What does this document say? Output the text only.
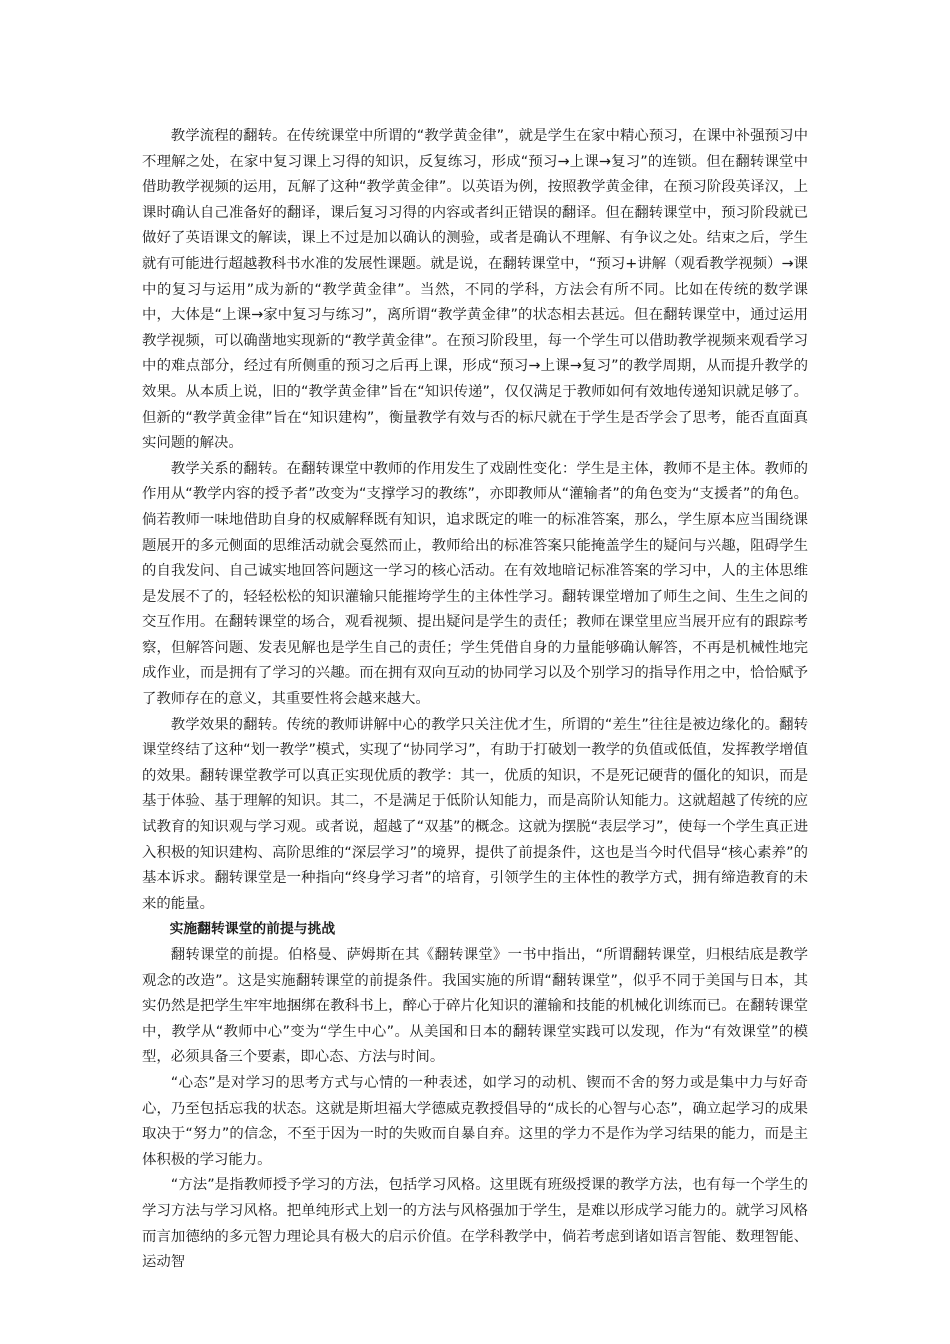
教学流程的翻转。在传统课堂中所谓的“教学黄金律”，就是学生在家中精心预习，在课中补强预习中不理解之处，在家中复习课上习得的知识，反复练习，形成“预习→上课→复习”的连锁。但在翻转课堂中借助教学视频的运用，瓦解了这种“教学黄金律”。以英语为例，按照教学黄金律，在预习阶段英译汉，上课时确认自己准备好的翻译，课后复习习得的内容或者纠正错误的翻译。但在翻转课堂中，预习阶段就已做好了英语课文的解读，课上不过是加以确认的测验，或者是确认不理解、有争议之处。结束之后，学生就有可能进行超越教科书水准的发展性课题。就是说，在翻转课堂中，“预习+讲解（观看教学视频）→课中的复习与运用”成为新的“教学黄金律”。当然，不同的学科，方法会有所不同。比如在传统的数学课中，大体是“上课→家中复习与练习”，离所谓“教学黄金律”的状态相去甚远。但在翻转课堂中，通过运用教学视频，可以确凿地实现新的“教学黄金律”。在预习阶段里，每一个学生可以借助教学视频来观看学习中的难点部分，经过有所侧重的预习之后再上课，形成“预习→上课→复习”的教学周期，从而提升教学的效果。从本质上说，旧的“教学黄金律”旨在“知识传递”，仅仅满足于教师如何有效地传递知识就足够了。但新的“教学黄金律”旨在“知识建构”，衡量教学有效与否的标尺就在于学生是否学会了思考，能否直面真实问题的解决。

教学关系的翻转。在翻转课堂中教师的作用发生了戏剧性变化：学生是主体，教师不是主体。教师的作用从“教学内容的授予者”改变为“支撑学习的教练”，亦即教师从“灌输者”的角色变为“支援者”的角色。倘若教师一味地借助自身的权威解释既有知识，追求既定的唯一的标准答案，那么，学生原本应当围绕课题展开的多元侧面的思维活动就会戛然而止，教师给出的标准答案只能掩盖学生的疑问与兴趣，阻碍学生的自我发问、自己诚实地回答问题这一学习的核心活动。在有效地暗记标准答案的学习中，人的主体思维是发展不了的，轻轻松松的知识灌输只能摧垮学生的主体性学习。翻转课堂增加了师生之间、生生之间的交互作用。在翻转课堂的场合，观看视频、提出疑问是学生的责任；教师在课堂里应当展开应有的跟踪考察，但解答问题、发表见解也是学生自己的责任；学生凭借自身的力量能够确认解答，不再是机械性地完成作业，而是拥有了学习的兴趣。而在拥有双向互动的协同学习以及个别学习的指导作用之中，恰恰赋予了教师存在的意义，其重要性将会越来越大。

教学效果的翻转。传统的教师讲解中心的教学只关注优才生，所谓的“差生”往往是被边缘化的。翻转课堂终结了这种“划一教学”模式，实现了“协同学习”，有助于打破划一教学的负值或低值，发挥教学增值的效果。翻转课堂教学可以真正实现优质的教学：其一，优质的知识，不是死记硬背的僵化的知识，而是基于体验、基于理解的知识。其二，不是满足于低阶认知能力，而是高阶认知能力。这就超越了传统的应试教育的知识观与学习观。或者说，超越了“双基”的概念。这就为摆脱“表层学习”，使每一个学生真正进入积极的知识建构、高阶思维的“深层学习”的境界，提供了前提条件，这也是当今时代倡导“核心素养”的基本诉求。翻转课堂是一种指向“终身学习者”的培育，引领学生的主体性的教学方式，拥有缔造教育的未来的能量。

实施翻转课堂的前提与挑战

翻转课堂的前提。伯格曼、萨姆斯在其《翻转课堂》一书中指出，“所谓翻转课堂，归根结底是教学观念的改造”。这是实施翻转课堂的前提条件。我国实施的所谓“翻转课堂”，似乎不同于美国与日本，其实仍然是把学生牢牢地捆绑在教科书上，醉心于碎片化知识的灌输和技能的机械化训练而已。在翻转课堂中，教学从“教师中心”变为“学生中心”。从美国和日本的翻转课堂实践可以发现，作为“有效课堂”的模型，必须具备三个要素，即心态、方法与时间。

“心态”是对学习的思考方式与心情的一种表述，如学习的动机、锲而不舍的努力或是集中力与好奇心，乃至包括忘我的状态。这就是斯坦福大学德威克教授倡导的“成长的心智与心态”，确立起学习的成果取决于“努力”的信念，不至于因为一时的失败而自暴自弃。这里的学力不是作为学习结果的能力，而是主体积极的学习能力。

“方法”是指教师授予学习的方法，包括学习风格。这里既有班级授课的教学方法，也有每一个学生的学习方法与学习风格。把单纯形式上划一的方法与风格强加于学生，是难以形成学习能力的。就学习风格而言加德纳的多元智力理论具有极大的启示价值。在学科教学中，倘若考虑到诸如语言智能、数理智能、运动智
